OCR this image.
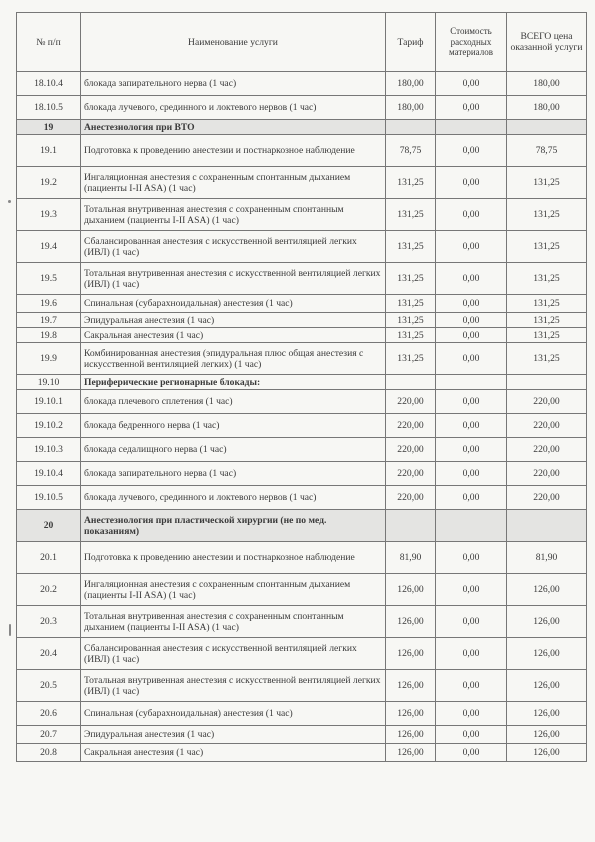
№ п/п	Наименование услуги	Тариф	Стоимость расходных материалов	ВСЕГО цена оказанной услуги
18.10.4	блокада запирательного нерва (1 час)	180,00	0,00	180,00
18.10.5	блокада лучевого, срединного и локтевого нервов (1 час)	180,00	0,00	180,00
19	Анестезиология при ВТО			
19.1	Подготовка к проведению анестезии и постнаркозное наблюдение	78,75	0,00	78,75
19.2	Ингаляционная анестезия с сохраненным спонтанным дыханием (пациенты I-II ASA) (1 час)	131,25	0,00	131,25
19.3	Тотальная внутривенная анестезия с сохраненным спонтанным дыханием (пациенты I-II ASA) (1 час)	131,25	0,00	131,25
19.4	Сбалансированная анестезия с искусственной вентиляцией легких (ИВЛ) (1 час)	131,25	0,00	131,25
19.5	Тотальная внутривенная анестезия с искусственной вентиляцией легких (ИВЛ) (1 час)	131,25	0,00	131,25
19.6	Спинальная (субарахноидальная) анестезия (1 час)	131,25	0,00	131,25
19.7	Эпидуральная анестезия (1 час)	131,25	0,00	131,25
19.8	Сакральная анестезия (1 час)	131,25	0,00	131,25
19.9	Комбинированная анестезия (эпидуральная плюс общая анестезия с искусственной вентиляцией легких) (1 час)	131,25	0,00	131,25
19.10	Периферические регионарные блокады:			
19.10.1	блокада плечевого сплетения (1 час)	220,00	0,00	220,00
19.10.2	блокада бедренного нерва (1 час)	220,00	0,00	220,00
19.10.3	блокада седалищного нерва (1 час)	220,00	0,00	220,00
19.10.4	блокада запирательного нерва (1 час)	220,00	0,00	220,00
19.10.5	блокада лучевого, срединного и локтевого нервов (1 час)	220,00	0,00	220,00
20	Анестезиология при пластической хирургии (не по мед. показаниям)			
20.1	Подготовка к проведению анестезии и постнаркозное наблюдение	81,90	0,00	81,90
20.2	Ингаляционная анестезия с сохраненным спонтанным дыханием (пациенты I-II ASA) (1 час)	126,00	0,00	126,00
20.3	Тотальная внутривенная анестезия с сохраненным спонтанным дыханием (пациенты I-II ASA) (1 час)	126,00	0,00	126,00
20.4	Сбалансированная анестезия с искусственной вентиляцией легких (ИВЛ) (1 час)	126,00	0,00	126,00
20.5	Тотальная внутривенная анестезия с искусственной вентиляцией легких (ИВЛ) (1 час)	126,00	0,00	126,00
20.6	Спинальная (субарахноидальная) анестезия (1 час)	126,00	0,00	126,00
20.7	Эпидуральная анестезия (1 час)	126,00	0,00	126,00
20.8	Сакральная анестезия (1 час)	126,00	0,00	126,00
